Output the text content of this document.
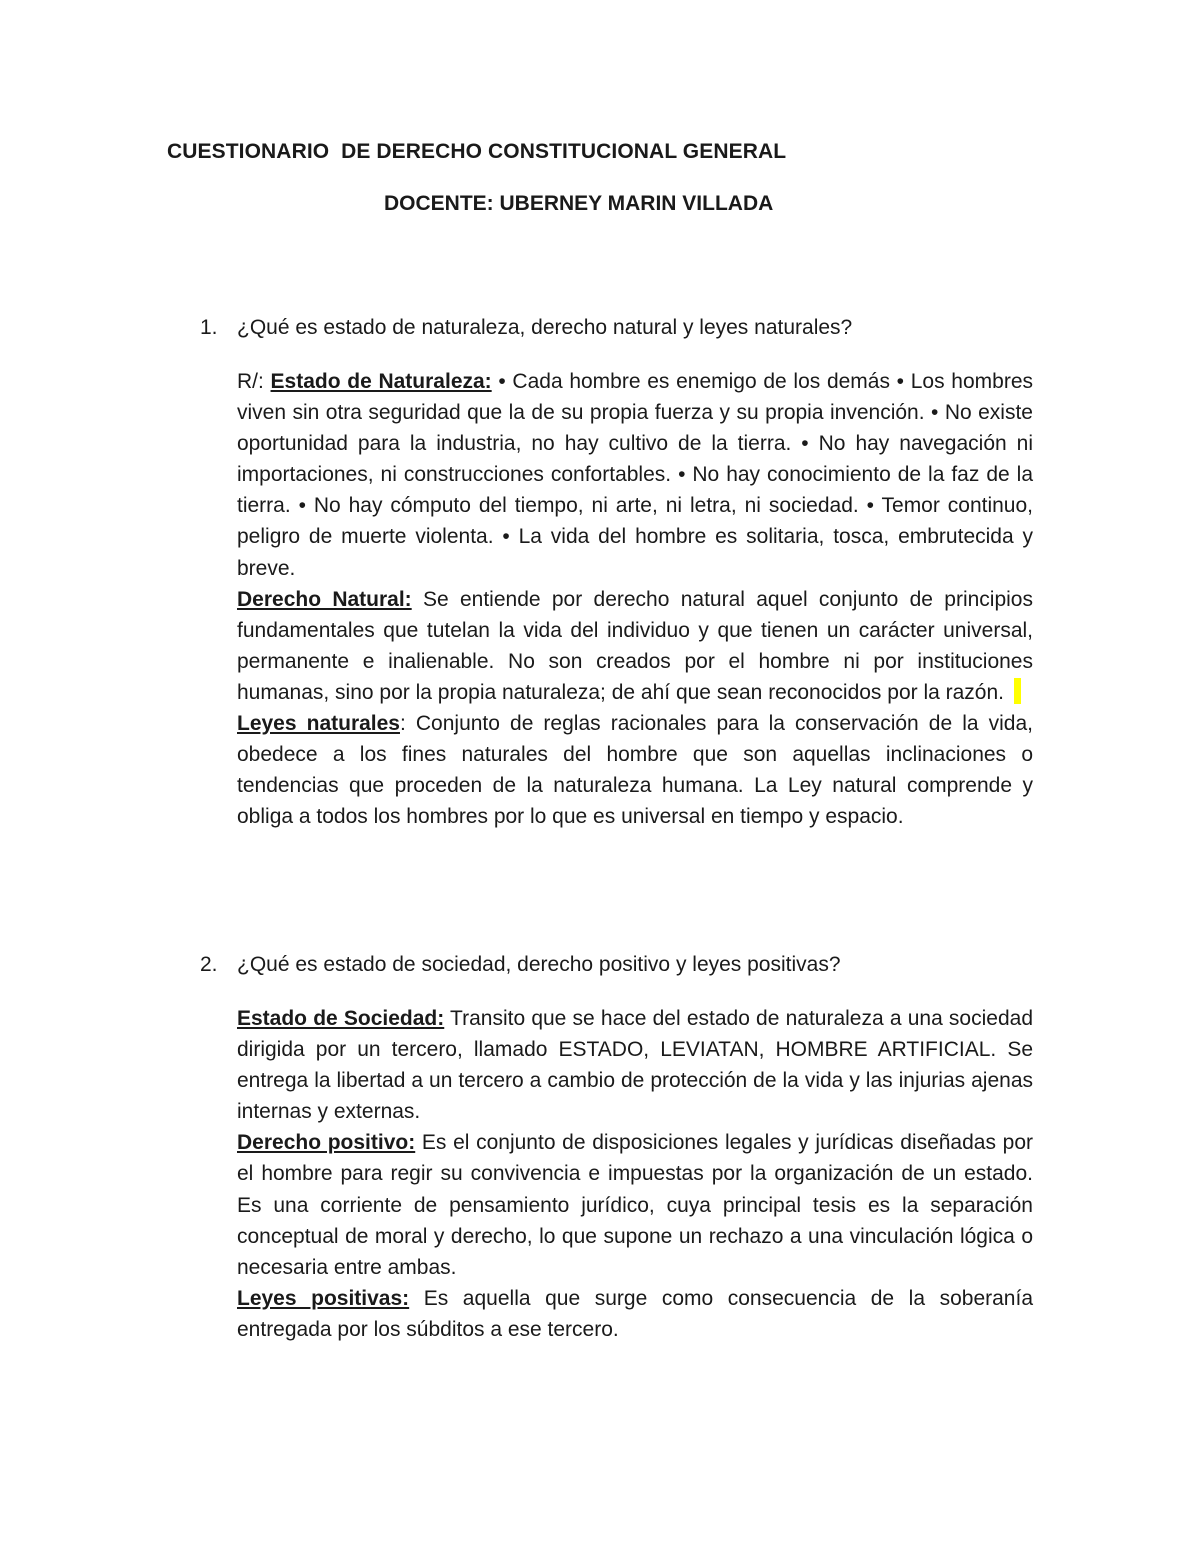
CUESTIONARIO  DE DERECHO CONSTITUCIONAL GENERAL
DOCENTE: UBERNEY MARIN VILLADA
1. ¿Qué es estado de naturaleza, derecho natural y leyes naturales?

R/: Estado de Naturaleza: • Cada hombre es enemigo de los demás • Los hombres viven sin otra seguridad que la de su propia fuerza y su propia invención. • No existe oportunidad para la industria, no hay cultivo de la tierra. • No hay navegación ni importaciones, ni construcciones confortables. • No hay conocimiento de la faz de la tierra. • No hay cómputo del tiempo, ni arte, ni letra, ni sociedad. • Temor continuo, peligro de muerte violenta. • La vida del hombre es solitaria, tosca, embrutecida y breve.

Derecho Natural: Se entiende por derecho natural aquel conjunto de principios fundamentales que tutelan la vida del individuo y que tienen un carácter universal, permanente e inalienable. No son creados por el hombre ni por instituciones humanas, sino por la propia naturaleza; de ahí que sean reconocidos por la razón.

Leyes naturales: Conjunto de reglas racionales para la conservación de la vida, obedece a los fines naturales del hombre que son aquellas inclinaciones o tendencias que proceden de la naturaleza humana. La Ley natural comprende y obliga a todos los hombres por lo que es universal en tiempo y espacio.

2. ¿Qué es estado de sociedad, derecho positivo y leyes positivas?

Estado de Sociedad: Transito que se hace del estado de naturaleza a una sociedad dirigida por un tercero, llamado ESTADO, LEVIATAN, HOMBRE ARTIFICIAL. Se entrega la libertad a un tercero a cambio de protección de la vida y las injurias ajenas internas y externas.

Derecho positivo: Es el conjunto de disposiciones legales y jurídicas diseñadas por el hombre para regir su convivencia e impuestas por la organización de un estado. Es una corriente de pensamiento jurídico, cuya principal tesis es la separación conceptual de moral y derecho, lo que supone un rechazo a una vinculación lógica o necesaria entre ambas.

Leyes positivas: Es aquella que surge como consecuencia de la soberanía entregada por los súbditos a ese tercero.
